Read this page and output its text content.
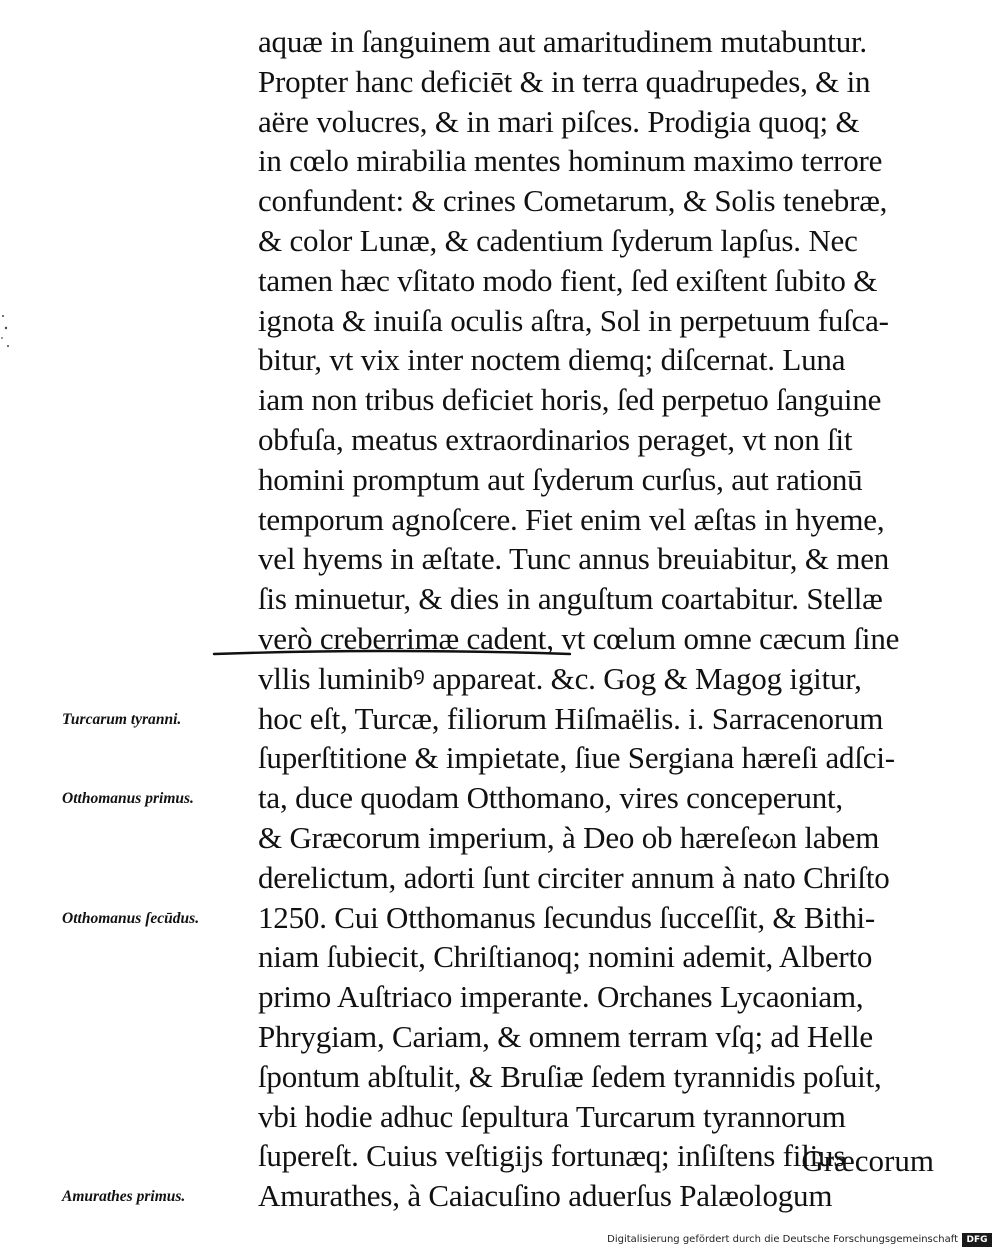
aquæ in ſanguinem aut amaritudinem mutabuntur.
Propter hanc deficiēt & in terra quadrupedes, & in
aëre volucres, & in mari piſces. Prodigia quoq; &
in cœlo mirabilia mentes hominum maximo terrore
confundent: & crines Cometarum, & Solis tenebræ,
& color Lunæ, & cadentium ſyderum lapſus. Nec
tamen hæc vſitato modo fient, ſed exiſtent ſubito &
ignota & inuiſa oculis aſtra, Sol in perpetuum fuſca-
bitur, vt vix inter noctem diemq; diſcernat. Luna
iam non tribus deficiet horis, ſed perpetuo ſanguine
obfuſa, meatus extraordinarios peraget, vt non ſit
homini promptum aut ſyderum curſus, aut rationū
temporum agnoſcere. Fiet enim vel æſtas in hyeme,
vel hyems in æſtate. Tunc annus breuiabitur, & men
ſis minuetur, & dies in anguſtum coartabitur. Stellæ
verò creberrimæ cadent, vt cœlum omne cæcum ſine
vllis luminibꝰ appareat. &c. Gog & Magog igitur,
hoc eſt, Turcæ, filiorum Hiſmaëlis. i. Sarracenorum
ſuperſtitione & impietate, ſiue Sergiana hæreſi adſci-
ta, duce quodam Otthomano, vires conceperunt,
& Græcorum imperium, à Deo ob hæreſeωn labem
derelictum, adorti ſunt circiter annum à nato Chriſto
1250. Cui Otthomanus ſecundus ſucceſſit, & Bithi-
niam ſubiecit, Chriſtianoq; nomini ademit, Alberto
primo Auſtriaco imperante. Orchanes Lycaoniam,
Phrygiam, Cariam, & omnem terram vſq; ad Helle
ſpontum abſtulit, & Bruſiæ ſedem tyrannidis poſuit,
vbi hodie adhuc ſepultura Turcarum tyrannorum
ſupereſt. Cuius veſtigijs fortunæq; inſiſtens filius
Amurathes, à Caiacuſino aduerſus Palæologum
Græcorum
Turcarum tyranni.
Otthomanus primus.
Otthomanus ſecūdus.
Amurathes primus.
Digitalisierung gefördert durch die Deutsche Forschungsgemeinschaft DFG
